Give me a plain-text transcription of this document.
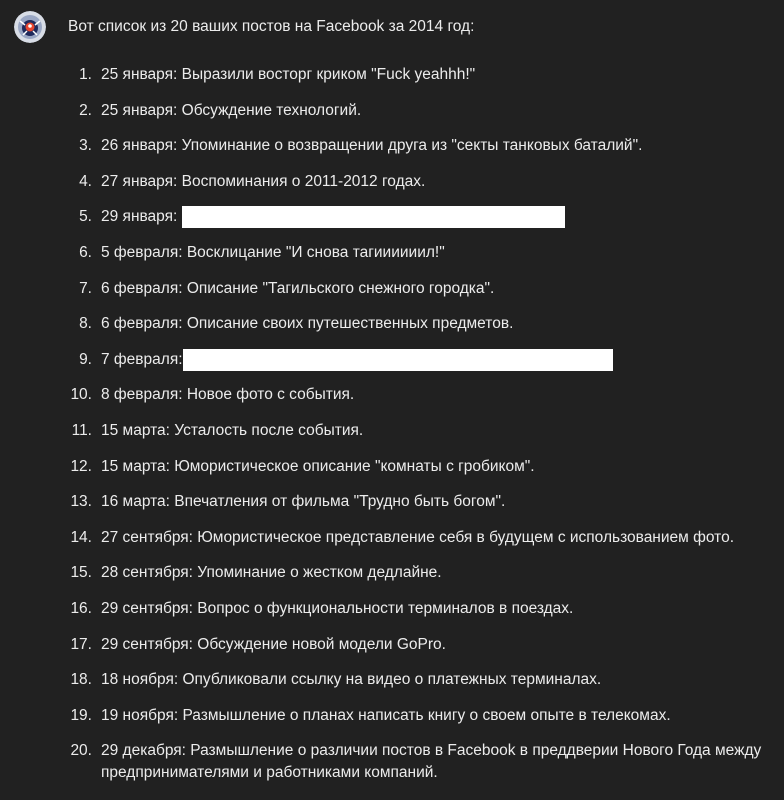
Вот список из 20 ваших постов на Facebook за 2014 год:
1. 25 января: Выразили восторг криком "Fuck yeahhh!"
2. 25 января: Обсуждение технологий.
3. 26 января: Упоминание о возвращении друга из "секты танковых баталий".
4. 27 января: Воспоминания о 2011-2012 годах.
5. 29 января:
6. 5 февраля: Восклицание "И снова тагиииииил!"
7. 6 февраля: Описание "Тагильского снежного городка".
8. 6 февраля: Описание своих путешественных предметов.
9. 7 февраля:
10. 8 февраля: Новое фото с события.
11. 15 марта: Усталость после события.
12. 15 марта: Юмористическое описание "комнаты с гробиком".
13. 16 марта: Впечатления от фильма "Трудно быть богом".
14. 27 сентября: Юмористическое представление себя в будущем с использованием фото.
15. 28 сентября: Упоминание о жестком дедлайне.
16. 29 сентября: Вопрос о функциональности терминалов в поездах.
17. 29 сентября: Обсуждение новой модели GoPro.
18. 18 ноября: Опубликовали ссылку на видео о платежных терминалах.
19. 19 ноября: Размышление о планах написать книгу о своем опыте в телекомах.
20. 29 декабря: Размышление о различии постов в Facebook в преддверии Нового Года между предпринимателями и работниками компаний.
